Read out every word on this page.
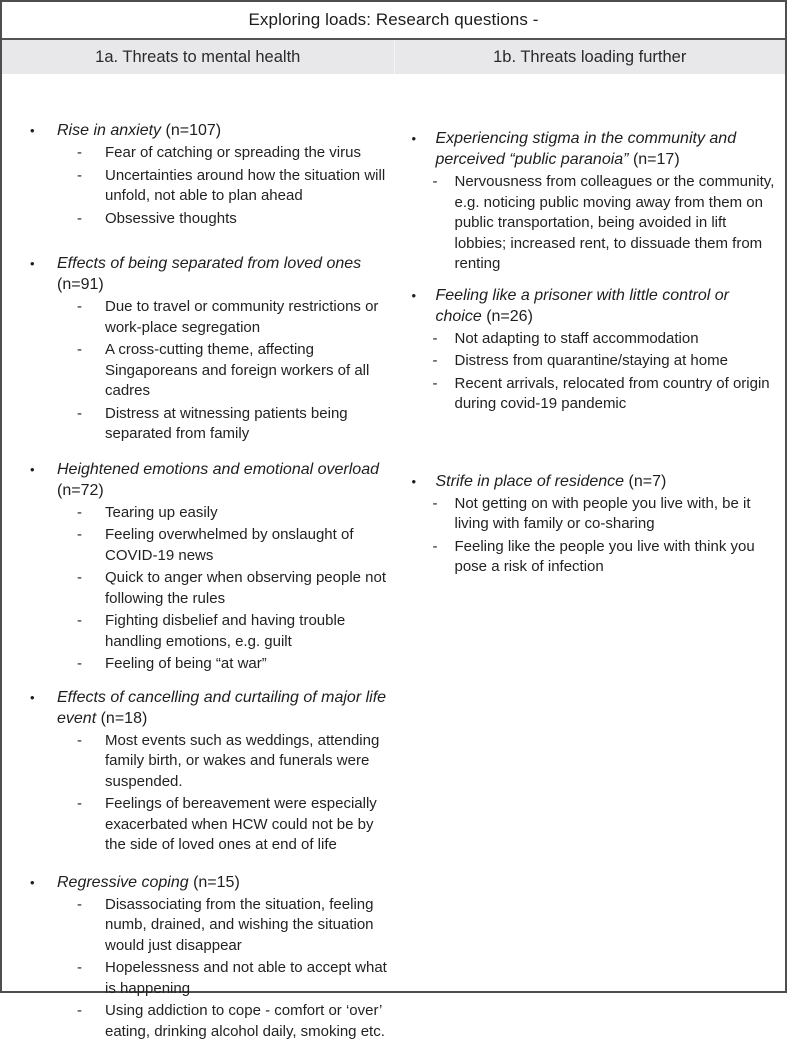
Exploring loads: Research questions -
1a. Threats to mental health	1b. Threats loading further
•	Rise in anxiety (n=107)
-	Fear of catching or spreading the virus
-	Uncertainties around how the situation will unfold, not able to plan ahead
-	Obsessive thoughts
•	Effects of being separated from loved ones (n=91)
-	Due to travel or community restrictions or work-place segregation
-	A cross-cutting theme, affecting Singaporeans and foreign workers of all cadres
-	Distress at witnessing patients being separated from family
•	Heightened emotions and emotional overload (n=72)
-	Tearing up easily
-	Feeling overwhelmed by onslaught of COVID-19 news
-	Quick to anger when observing people not following the rules
-	Fighting disbelief and having trouble handling emotions, e.g. guilt
-	Feeling of being “at war”
•	Effects of cancelling and curtailing of major life event (n=18)
-	Most events such as weddings, attending family birth, or wakes and funerals were suspended.
-	Feelings of bereavement were especially exacerbated when HCW could not be by the side of loved ones at end of life
•	Regressive coping (n=15)
-	Disassociating from the situation, feeling numb, drained, and wishing the situation would just disappear
-	Hopelessness and not able to accept what is happening
-	Using addiction to cope - comfort or ‘over’ eating, drinking alcohol daily, smoking etc.
•	Experiencing stigma in the community and perceived “public paranoia” (n=17)
-	Nervousness from colleagues or the community, e.g. noticing public moving away from them on public transportation, being avoided in lift lobbies; increased rent, to dissuade them from renting
•	Feeling like a prisoner with little control or choice (n=26)
-	Not adapting to staff accommodation
-	Distress from quarantine/staying at home
-	Recent arrivals, relocated from country of origin during covid-19 pandemic
•	Strife in place of residence (n=7)
-	Not getting on with people you live with, be it living with family or co-sharing
-	Feeling like the people you live with think you pose a risk of infection
